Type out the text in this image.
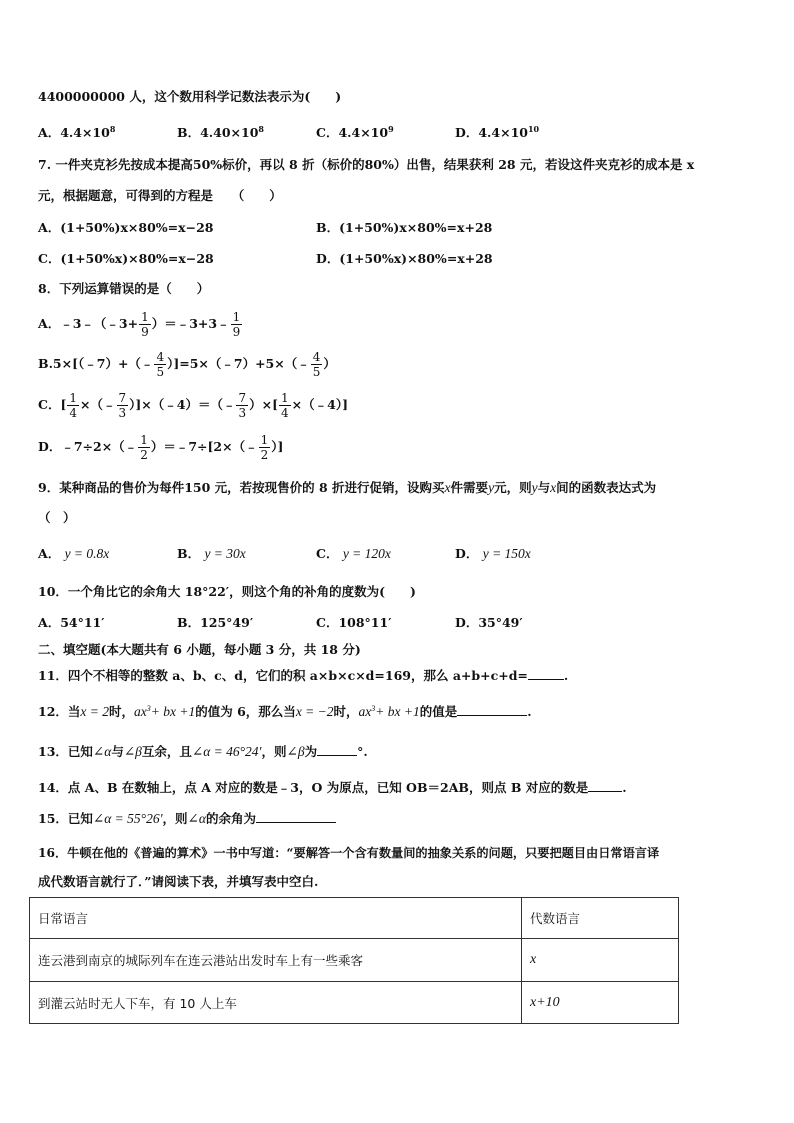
4400000000 人，这个数用科学记数法表示为(　　)
A．$4.4\times 10^8$	B．$4.40\times 10^8$	C．$4.4\times 10^9$	D．$4.4\times 10^{10}$
7. 一件夹克衫先按成本提高50%标价，再以 8 折（标价的80%）出售，结果获利 28 元，若设这件夹克衫的成本是 x
元，根据题意，可得到的方程是　　（　　）
A．(1+50%)x×80%=x−28	B．(1+50%)x×80%=x+28
C．(1+50%x)×80%=x−28	D．(1+50%x)×80%=x+28
8．下列运算错误的是（　　）
A．﹣3﹣（﹣3+ $\frac{1}{9}$ ）＝﹣3+3﹣ $\frac{1}{9}$
B.5×[（﹣7）+（﹣ $\frac{4}{5}$ ）]=5×（﹣7）+5×（﹣ $\frac{4}{5}$ ）
C．[ $\frac{1}{4}$ ×（﹣ $\frac{7}{3}$ ）]×（﹣4）＝（﹣ $\frac{7}{3}$ ）×[ $\frac{1}{4}$ ×（﹣4）]
D．﹣7÷2×（﹣ $\frac{1}{2}$ ）＝﹣7÷[2×（﹣ $\frac{1}{2}$ ）]
9．某种商品的售价为每件150 元，若按现售价的 8 折进行促销，设购买x件需要y元，则y与x间的函数表达式为
（　）
A． y = 0.8x	B． y = 30x	C． y = 120x	D． y = 150x
10．一个角比它的余角大 18°22′，则这个角的补角的度数为(　　)
A．54°11′	B．125°49′	C．108°11′	D．35°49′
二、填空题(本大题共有 6 小题，每小题 3 分，共 18 分)
11．四个不相等的整数 a、b、c、d，它们的积 a×b×c×d=169，那么 a+b+c+d=	.
12．当x = 2时，$ax^3+$ bx +1的值为 6，那么当x = −2时，$ax^3+$ bx +1的值是	.
13．已知∠α与∠β互余，且∠α = 46°24′，则∠β为	°.
14．点 A、B 在数轴上，点 A 对应的数是﹣3，O 为原点，已知 OB＝2AB，则点 B 对应的数是	.
15．已知∠α = 55°26′，则∠α的余角为
16．牛顿在他的《普遍的算术》一书中写道：“要解答一个含有数量间的抽象关系的问题，只要把题目由日常语言译
成代数语言就行了．”请阅读下表，并填写表中空白.
日常语言	代数语言
连云港到南京的城际列车在连云港站出发时车上有一些乘客	x
到灌云站时无人下车，有 10 人上车	x+10
